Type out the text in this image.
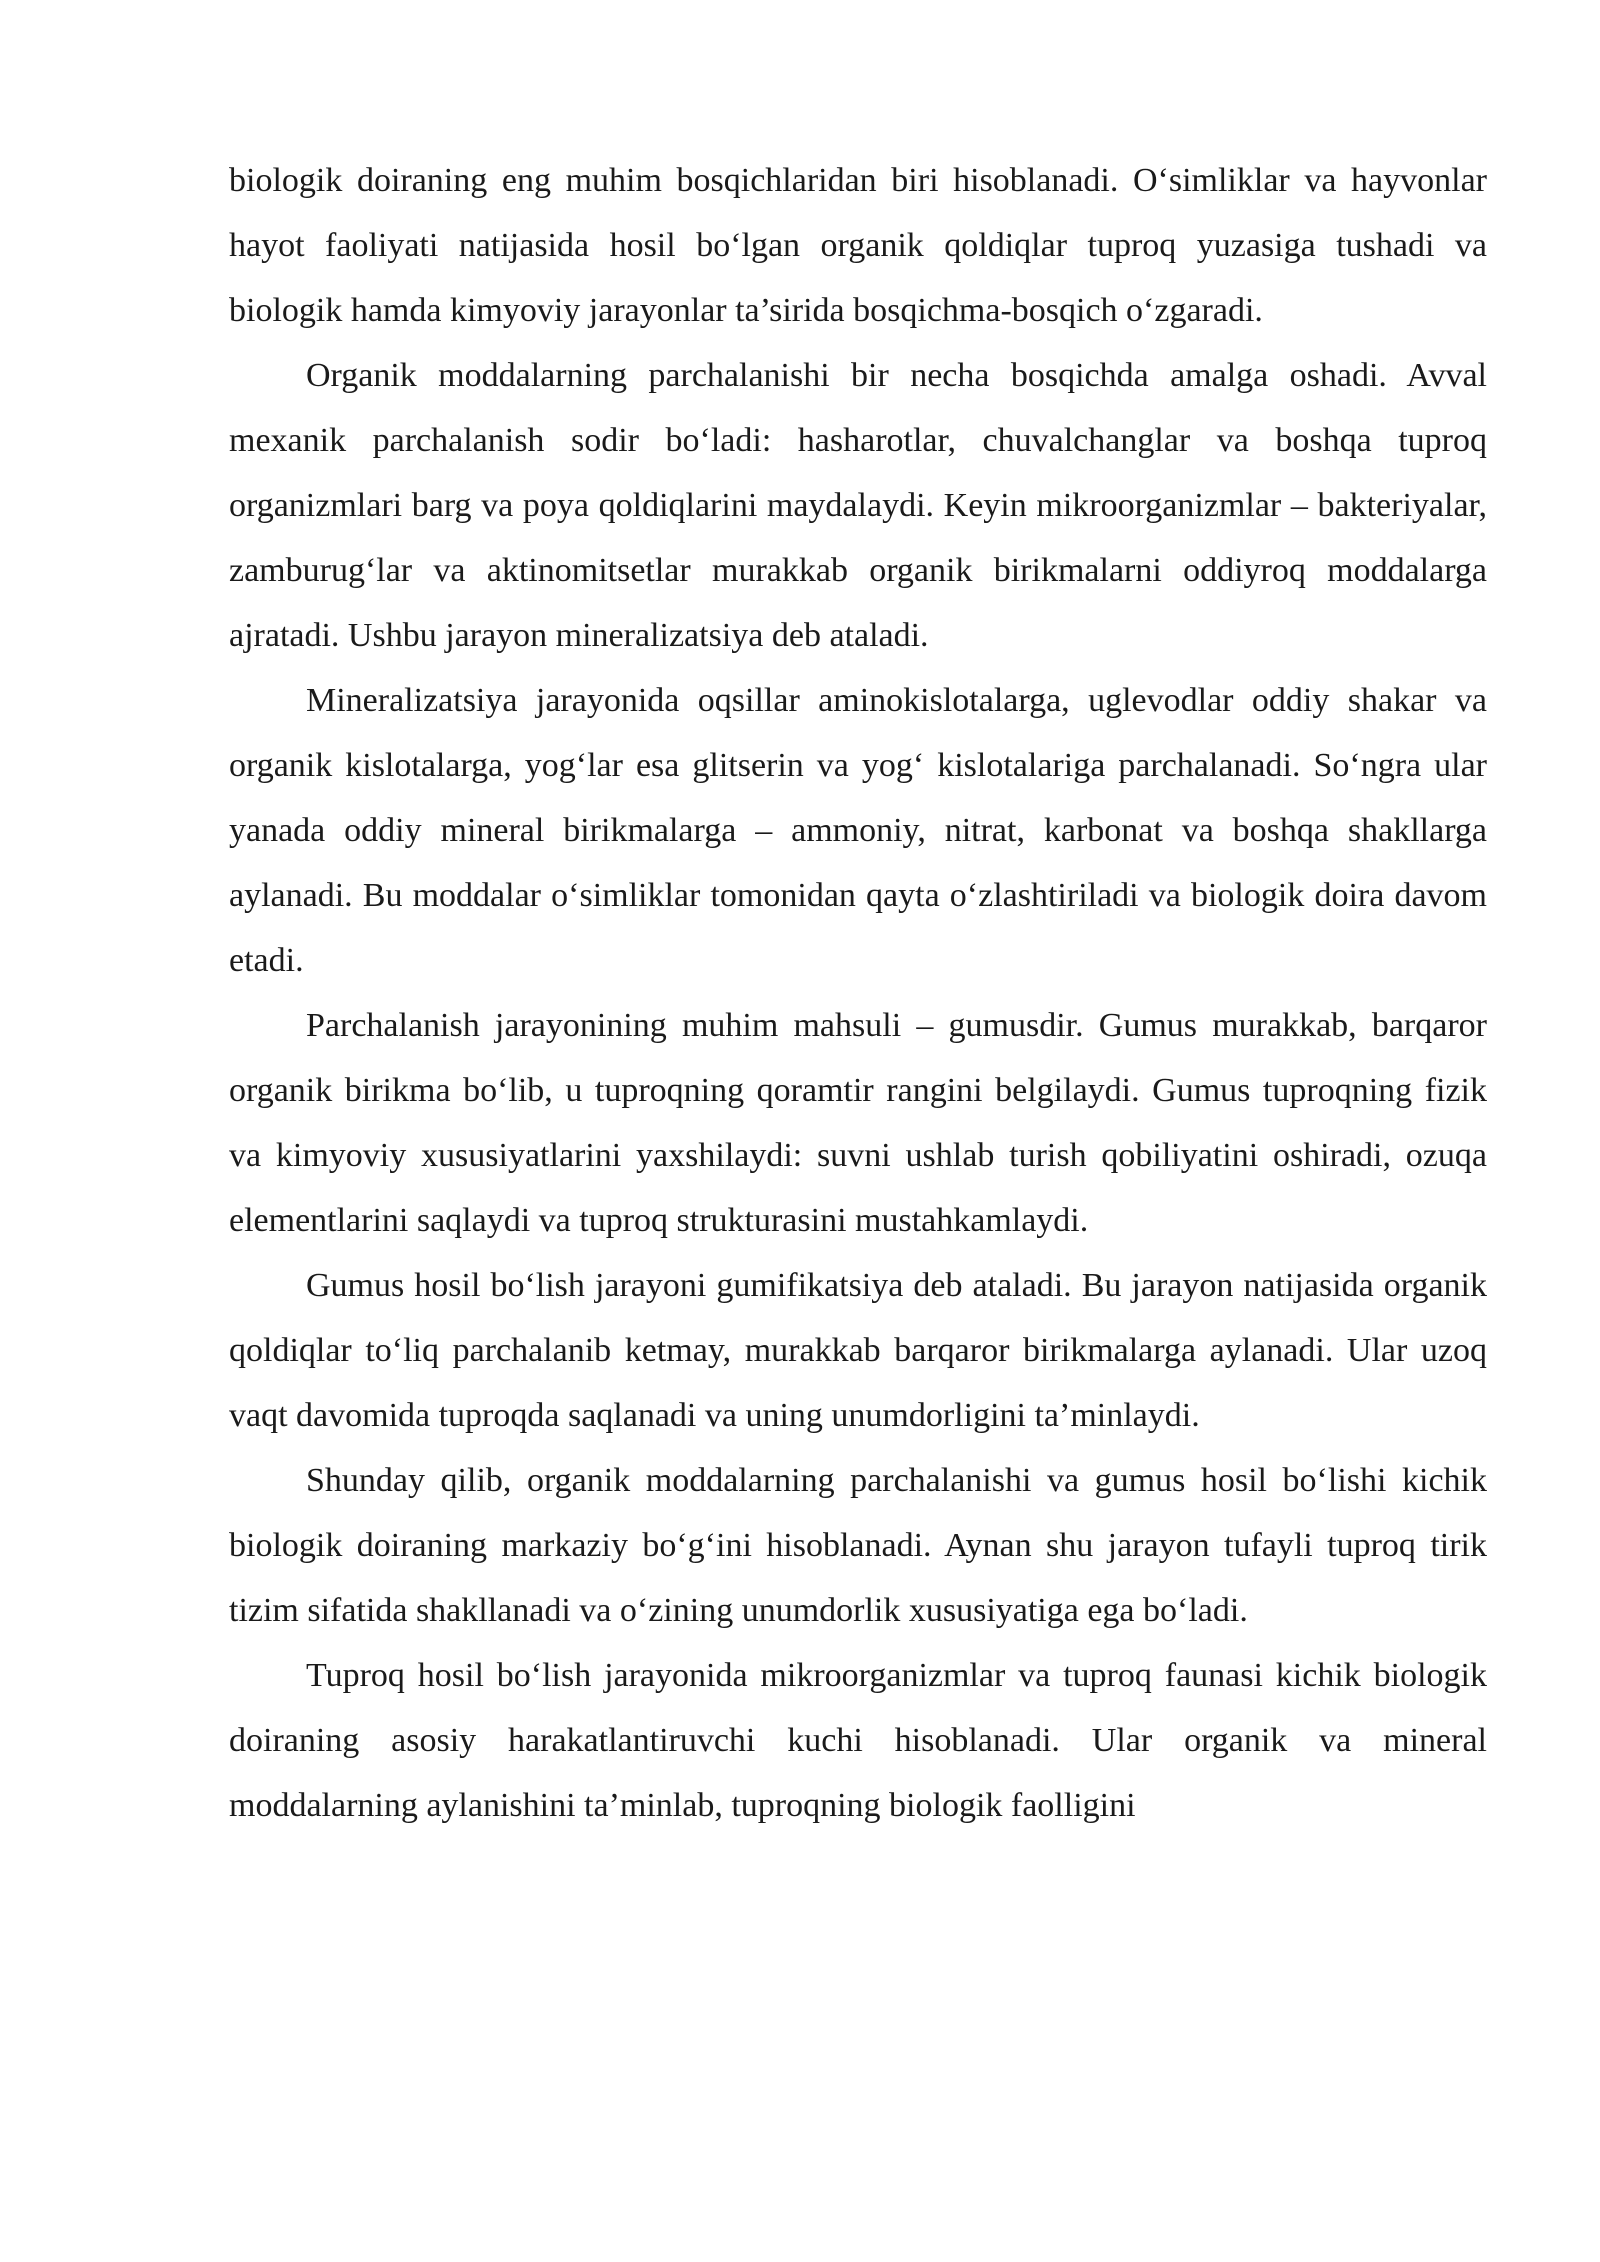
biologik doiraning eng muhim bosqichlaridan biri hisoblanadi. O‘simliklar va hayvonlar hayot faoliyati natijasida hosil bo‘lgan organik qoldiqlar tuproq yuzasiga tushadi va biologik hamda kimyoviy jarayonlar ta’sirida bosqichma-bosqich o‘zgaradi.

Organik moddalarning parchalanishi bir necha bosqichda amalga oshadi. Avval mexanik parchalanish sodir bo‘ladi: hasharotlar, chuvalchanglar va boshqa tuproq organizmlari barg va poya qoldiqlarini maydalaydi. Keyin mikroorganizmlar – bakteriyalar, zamburug‘lar va aktinomitsetlar murakkab organik birikmalarni oddiyroq moddalarga ajratadi. Ushbu jarayon mineralizatsiya deb ataladi.

Mineralizatsiya jarayonida oqsillar aminokislotalarga, uglevodlar oddiy shakar va organik kislotalarga, yog‘lar esa glitserin va yog‘ kislotalariga parchalanadi. So‘ngra ular yanada oddiy mineral birikmalarga – ammoniy, nitrat, karbonat va boshqa shakllarga aylanadi. Bu moddalar o‘simliklar tomonidan qayta o‘zlashtiriladi va biologik doira davom etadi.

Parchalanish jarayonining muhim mahsuli – gumusdir. Gumus murakkab, barqaror organik birikma bo‘lib, u tuproqning qoramtir rangini belgilaydi. Gumus tuproqning fizik va kimyoviy xususiyatlarini yaxshilaydi: suvni ushlab turish qobiliyatini oshiradi, ozuqa elementlarini saqlaydi va tuproq strukturasini mustahkamlaydi.

Gumus hosil bo‘lish jarayoni gumifikatsiya deb ataladi. Bu jarayon natijasida organik qoldiqlar to‘liq parchalanib ketmay, murakkab barqaror birikmalarga aylanadi. Ular uzoq vaqt davomida tuproqda saqlanadi va uning unumdorligini ta’minlaydi.

Shunday qilib, organik moddalarning parchalanishi va gumus hosil bo‘lishi kichik biologik doiraning markaziy bo‘g‘ini hisoblanadi. Aynan shu jarayon tufayli tuproq tirik tizim sifatida shakllanadi va o‘zining unumdorlik xususiyatiga ega bo‘ladi.

Tuproq hosil bo‘lish jarayonida mikroorganizmlar va tuproq faunasi kichik biologik doiraning asosiy harakatlantiruvchi kuchi hisoblanadi. Ular organik va mineral moddalarning aylanishini ta’minlab, tuproqning biologik faolligini
